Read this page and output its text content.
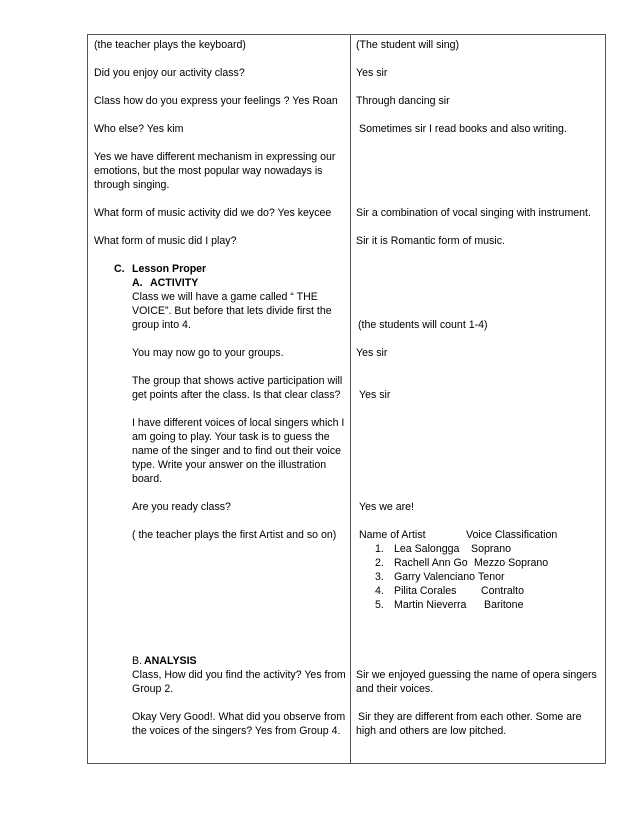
(the teacher plays the keyboard)
Did you enjoy our activity class?
Class how do you express your feelings ? Yes Roan
Who else? Yes kim
Yes we have different mechanism in expressing our
emotions, but the most popular way nowadays is
through singing.
What form of music activity did we do? Yes keycee
What form of music did I play?
C. Lesson Proper
A. ACTIVITY
Class we will have a game called “ THE
VOICE”. But before that lets divide first the
group into 4.
You may now go to your groups.
The group that shows active participation will
get points after the class. Is that clear class?
I have different voices of local singers which I
am going to play. Your task is to guess the
name of the singer and to find out their voice
type. Write your answer on the illustration
board.
Are you ready class?
( the teacher plays the first Artist and so on)
B. ANALYSIS
Class, How did you find the activity? Yes from
Group 2.
Okay Very Good!. What did you observe from
the voices of the singers? Yes from Group 4.
(The student will sing)
Yes sir
Through dancing sir
Sometimes sir I read books and also writing.
Sir a combination of vocal singing with instrument.
Sir it is Romantic form of music.
(the students will count 1-4)
Yes sir
Yes sir
Yes we are!
Name of Artist	Voice Classification
1. Lea Salongga Soprano
2. Rachell Ann Go Mezzo Soprano
3. Garry Valenciano Tenor
4. Pilita Corales Contralto
5. Martin Nieverra Baritone
Sir we enjoyed guessing the name of opera singers
and their voices.
Sir they are different from each other. Some are
high and others are low pitched.
